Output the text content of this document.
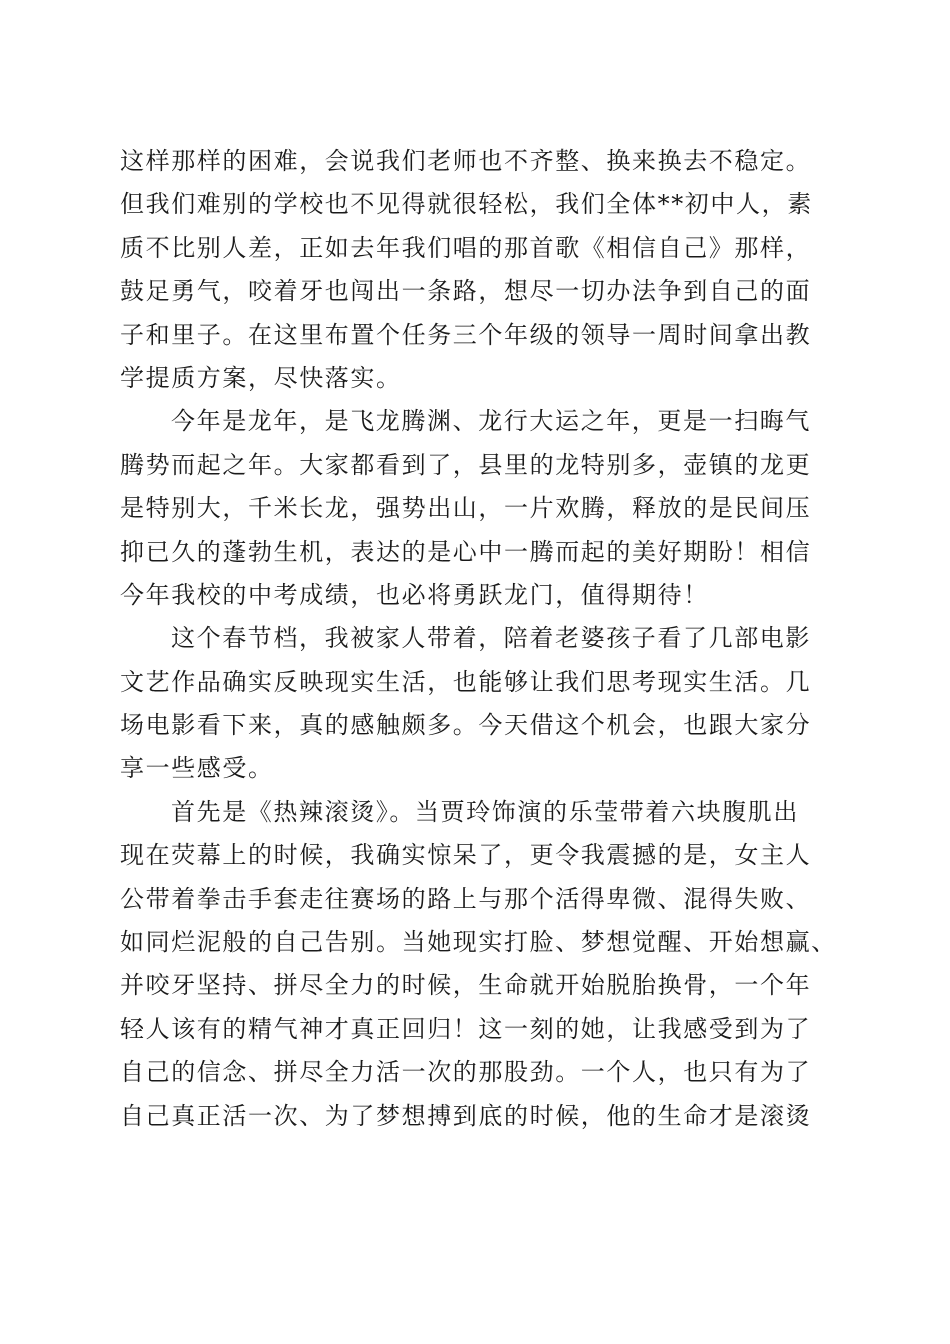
这样那样的困难，会说我们老师也不齐整、换来换去不稳定。
但我们难别的学校也不见得就很轻松，我们全体**初中人，素
质不比别人差，正如去年我们唱的那首歌《相信自己》那样，
鼓足勇气，咬着牙也闯出一条路，想尽一切办法争到自己的面
子和里子。在这里布置个任务三个年级的领导一周时间拿出教
学提质方案，尽快落实。

今年是龙年，是飞龙腾渊、龙行大运之年，更是一扫晦气
腾势而起之年。大家都看到了，县里的龙特别多，壶镇的龙更
是特别大，千米长龙，强势出山，一片欢腾，释放的是民间压
抑已久的蓬勃生机，表达的是心中一腾而起的美好期盼！相信
今年我校的中考成绩，也必将勇跃龙门，值得期待！

这个春节档，我被家人带着，陪着老婆孩子看了几部电影
文艺作品确实反映现实生活，也能够让我们思考现实生活。几
场电影看下来，真的感触颇多。今天借这个机会，也跟大家分
享一些感受。

首先是《热辣滚烫》。当贾玲饰演的乐莹带着六块腹肌出
现在荧幕上的时候，我确实惊呆了，更令我震撼的是，女主人
公带着拳击手套走往赛场的路上与那个活得卑微、混得失败、
如同烂泥般的自己告别。当她现实打脸、梦想觉醒、开始想赢、
并咬牙坚持、拼尽全力的时候，生命就开始脱胎换骨，一个年
轻人该有的精气神才真正回归！这一刻的她，让我感受到为了
自己的信念、拼尽全力活一次的那股劲。一个人，也只有为了
自己真正活一次、为了梦想搏到底的时候，他的生命才是滚烫
